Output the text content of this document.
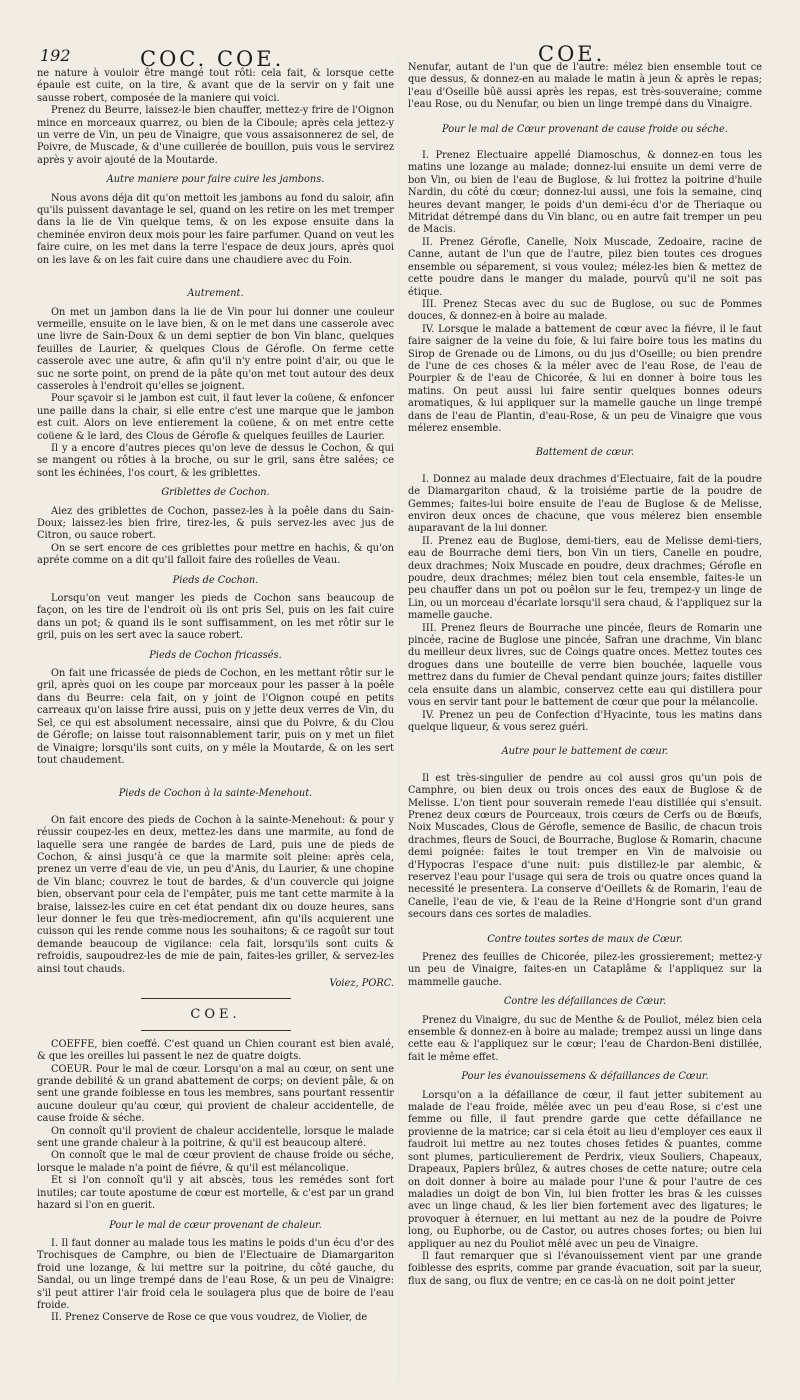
192	COC. COE.	COE.

ne nature à vouloir être mangé tout rôti: cela fait, & lorsque cette épaule est cuite, on la tire, & avant que de la servir on y fait une sausse robert, composée de la maniere qui voici.

Prenez du Beurre, laissez-le bien chauffer, mettez-y frire de l'Oignon mince en morceaux quarrez, ou bien de la Ciboule; après cela jettez-y un verre de Vin, un peu de Vinaigre, que vous assaisonnerez de sel, de Poivre, de Muscade, & d'une cuillerée de bouillon, puis vous le servirez après y avoir ajouté de la Moutarde.

Autre maniere pour faire cuire les jambons.

Nous avons déja dit qu'on mettoit les jambons au fond du saloir, afin qu'ils puissent davantage le sel, quand on les retire on les met tremper dans la lie de Vin quelque tems, & on les expose ensuite dans la cheminée environ deux mois pour les faire parfumer. Quand on veut les faire cuire, on les met dans la terre l'espace de deux jours, après quoi on les lave & on les fait cuire dans une chaudiere avec du Foin.

Autrement.

On met un jambon dans la lie de Vin pour lui donner une couleur vermeille, ensuite on le lave bien, & on le met dans une casserole avec une livre de Sain-Doux & un demi septier de bon Vin blanc, quelques feuilles de Laurier, & quelques Clous de Gérofle. On ferme cette casserole avec une autre, & afin qu'il n'y entre point d'air, ou que le suc ne sorte point, on prend de la pâte qu'on met tout autour des deux casseroles à l'endroit qu'elles se joignent.

Pour sçavoir si le jambon est cuit, il faut lever la coüene, & enfoncer une paille dans la chair, si elle entre c'est une marque que le jambon est cuit. Alors on leve entierement la coüene, & on met entre cette coüene & le lard, des Clous de Gérofle & quelques feuilles de Laurier.

Il y a encore d'autres pieces qu'on leve de dessus le Cochon, & qui se mangent ou rôties à la broche, ou sur le gril, sans être salées; ce sont les échinées, l'os court, & les griblettes.

Griblettes de Cochon.

Aiez des griblettes de Cochon, passez-les à la poêle dans du Sain-Doux; laissez-les bien frire, tirez-les, & puis servez-les avec jus de Citron, ou sauce robert.

On se sert encore de ces griblettes pour mettre en hachis, & qu'on apréte comme on a dit qu'il falloit faire des roüelles de Veau.

Pieds de Cochon.

Lorsqu'on veut manger les pieds de Cochon sans beaucoup de façon, on les tire de l'endroit où ils ont pris Sel, puis on les fait cuire dans un pot; & quand ils le sont suffisamment, on les met rôtir sur le gril, puis on les sert avec la sauce robert.

Pieds de Cochon fricassés.

On fait une fricassée de pieds de Cochon, en les mettant rôtir sur le gril, après quoi on les coupe par morceaux pour les passer à la poêle dans du Beurre: cela fait, on y joint de l'Oignon coupé en petits carreaux qu'on laisse frire aussi, puis on y jette deux verres de Vin, du Sel, ce qui est absolument necessaire, ainsi que du Poivre, & du Clou de Gérofle; on laisse tout raisonnablement tarir, puis on y met un filet de Vinaigre; lorsqu'ils sont cuits, on y méle la Moutarde, & on les sert tout chaudement.

Pieds de Cochon à la sainte-Menehout.

On fait encore des pieds de Cochon à la sainte-Menehout: & pour y réussir coupez-les en deux, mettez-les dans une marmite, au fond de laquelle sera une rangée de bardes de Lard, puis une de pieds de Cochon, & ainsi jusqu'à ce que la marmite soit pleine: après cela, prenez un verre d'eau de vie, un peu d'Anis, du Laurier, & une chopine de Vin blanc; couvrez le tout de bardes, & d'un couvercle qui joigne bien, observant pour cela de l'empâter, puis me tant cette marmite à la braise, laissez-les cuire en cet état pendant dix ou douze heures, sans leur donner le feu que très-mediocrement, afin qu'ils acquierent une cuisson qui les rende comme nous les souhaitons; & ce ragoût sur tout demande beaucoup de vigilance: cela fait, lorsqu'ils sont cuits & refroidis, saupoudrez-les de mie de pain, faites-les griller, & servez-les ainsi tout chauds.

Voiez, PORC.
COE.

COEFFE, bien coeffé. C'est quand un Chien courant est bien avalé, & que les oreilles lui passent le nez de quatre doigts.

COEUR. Pour le mal de cœur. Lorsqu'on a mal au cœur, on sent une grande debilité & un grand abattement de corps; on devient pâle, & on sent une grande foiblesse en tous les membres, sans pourtant ressentir aucune douleur qu'au cœur, qui provient de chaleur accidentelle, de cause froide & séche.

On connoît qu'il provient de chaleur accidentelle, lorsque le malade sent une grande chaleur à la poitrine, & qu'il est beaucoup alteré.

On connoît que le mal de cœur provient de chause froide ou séche, lorsque le malade n'a point de fiévre, & qu'il est mélancolique.

Et si l'on connoît qu'il y ait abscès, tous les remédes sont fort inutiles; car toute apostume de cœur est mortelle, & c'est par un grand hazard si l'on en guerit.

Pour le mal de cœur provenant de chaleur.

I. Il faut donner au malade tous les matins le poids d'un écu d'or des Trochisques de Camphre, ou bien de l'Electuaire de Diamargariton froid une lozange, & lui mettre sur la poitrine, du côté gauche, du Sandal, ou un linge trempé dans de l'eau Rose, & un peu de Vinaigre: s'il peut attirer l'air froid cela le soulagera plus que de boire de l'eau froide.

II. Prenez Conserve de Rose ce que vous voudrez, de Violier, de

Nenufar, autant de l'un que de l'autre: mélez bien ensemble tout ce que dessus, & donnez-en au malade le matin à jeun & après le repas; l'eau d'Oseille bûë aussi après les repas, est très-souveraine; comme l'eau Rose, ou du Nenufar, ou bien un linge trempé dans du Vinaigre.

Pour le mal de Cœur provenant de cause froide ou séche.

I. Prenez Electuaire appellé Diamoschus, & donnez-en tous les matins une lozange au malade; donnez-lui ensuite un demi verre de bon Vin, ou bien de l'eau de Buglose, & lui frottez la poitrine d'huile Nardin, du côté du cœur; donnez-lui aussi, une fois la semaine, cinq heures devant manger, le poids d'un demi-écu d'or de Theriaque ou Mitridat détrempé dans du Vin blanc, ou en autre fait tremper un peu de Macis.

II. Prenez Gérofle, Canelle, Noix Muscade, Zedoaire, racine de Canne, autant de l'un que de l'autre, pilez bien toutes ces drogues ensemble ou séparement, si vous voulez; mélez-les bien & mettez de cette poudre dans le manger du malade, pourvû qu'il ne soit pas étique.

III. Prenez Stecas avec du suc de Buglose, ou suc de Pommes douces, & donnez-en à boire au malade.

IV. Lorsque le malade a battement de cœur avec la fiévre, il le faut faire saigner de la veine du foie, & lui faire boire tous les matins du Sirop de Grenade ou de Limons, ou du jus d'Oseille; ou bien prendre de l'une de ces choses & la méler avec de l'eau Rose, de l'eau de Pourpier & de l'eau de Chicorée, & lui en donner à boire tous les matins. On peut aussi lui faire sentir quelques bonnes odeurs aromatiques, & lui appliquer sur la mamelle gauche un linge trempé dans de l'eau de Plantin, d'eau-Rose, & un peu de Vinaigre que vous mélerez ensemble.

Battement de cœur.

I. Donnez au malade deux drachmes d'Electuaire, fait de la poudre de Diamargariton chaud, & la troisiéme partie de la poudre de Gemmes; faites-lui boire ensuite de l'eau de Buglose & de Melisse, environ deux onces de chacune, que vous mélerez bien ensemble auparavant de la lui donner.

II. Prenez eau de Buglose, demi-tiers, eau de Melisse demi-tiers, eau de Bourrache demi tiers, bon Vin un tiers, Canelle en poudre, deux drachmes; Noix Muscade en poudre, deux drachmes; Gérofle en poudre, deux drachmes; mélez bien tout cela ensemble, faites-le un peu chauffer dans un pot ou poêlon sur le feu, trempez-y un linge de Lin, ou un morceau d'écarlate lorsqu'il sera chaud, & l'appliquez sur la mamelle gauche.

III. Prenez fleurs de Bourrache une pincée, fleurs de Romarin une pincée, racine de Buglose une pincée, Safran une drachme, Vin blanc du meilleur deux livres, suc de Coings quatre onces. Mettez toutes ces drogues dans une bouteille de verre bien bouchée, laquelle vous mettrez dans du fumier de Cheval pendant quinze jours; faites distiller cela ensuite dans un alambic, conservez cette eau qui distillera pour vous en servir tant pour le battement de cœur que pour la mélancolie.

IV. Prenez un peu de Confection d'Hyacinte, tous les matins dans quelque liqueur, & vous serez guéri.

Autre pour le battement de cœur.

Il est très-singulier de pendre au col aussi gros qu'un pois de Camphre, ou bien deux ou trois onces des eaux de Buglose & de Melisse. L'on tient pour souverain remede l'eau distillée qui s'ensuit. Prenez deux cœurs de Pourceaux, trois cœurs de Cerfs ou de Bœufs, Noix Muscades, Clous de Gérofle, semence de Basilic, de chacun trois drachmes, fleurs de Souci, de Bourrache, Buglose & Romarin, chacune demi poignée: faites le tout tremper en Vin de malvoisie ou d'Hypocras l'espace d'une nuit: puis distillez-le par alembic, & reservez l'eau pour l'usage qui sera de trois ou quatre onces quand la necessité le presentera. La conserve d'Oeillets & de Romarin, l'eau de Canelle, l'eau de vie, & l'eau de la Reine d'Hongrie sont d'un grand secours dans ces sortes de maladies.

Contre toutes sortes de maux de Cœur.

Prenez des feuilles de Chicorée, pilez-les grossierement; mettez-y un peu de Vinaigre, faites-en un Cataplâme & l'appliquez sur la mammelle gauche.

Contre les défaillances de Cœur.

Prenez du Vinaigre, du suc de Menthe & de Pouliot, mélez bien cela ensemble & donnez-en à boire au malade; trempez aussi un linge dans cette eau & l'appliquez sur le cœur; l'eau de Chardon-Beni distillée, fait le même effet.

Pour les évanouissemens & défaillances de Cœur.

Lorsqu'on a la défaillance de cœur, il faut jetter subitement au malade de l'eau froide, mêlée avec un peu d'eau Rose, si c'est une femme ou fille, il faut prendre garde que cette défaillance ne provienne de la matrice; car si cela étoit au lieu d'employer ces eaux il faudroit lui mettre au nez toutes choses fetides & puantes, comme sont plumes, particulierement de Perdrix, vieux Souliers, Chapeaux, Drapeaux, Papiers brûlez, & autres choses de cette nature; outre cela on doit donner à boire au malade pour l'une & pour l'autre de ces maladies un doigt de bon Vin, lui bien frotter les bras & les cuisses avec un linge chaud, & les lier bien fortement avec des ligatures; le provoquer à éternuer, en lui mettant au nez de la poudre de Poivre long, ou Euphorbe, ou de Castor, ou autres choses fortes; ou bien lui appliquer au nez du Pouliot mêlé avec un peu de Vinaigre.

Il faut remarquer que si l'évanouissement vient par une grande foiblesse des esprits, comme par grande évacuation, soit par la sueur, flux de sang, ou flux de ventre; en ce cas-là on ne doit point jetter
